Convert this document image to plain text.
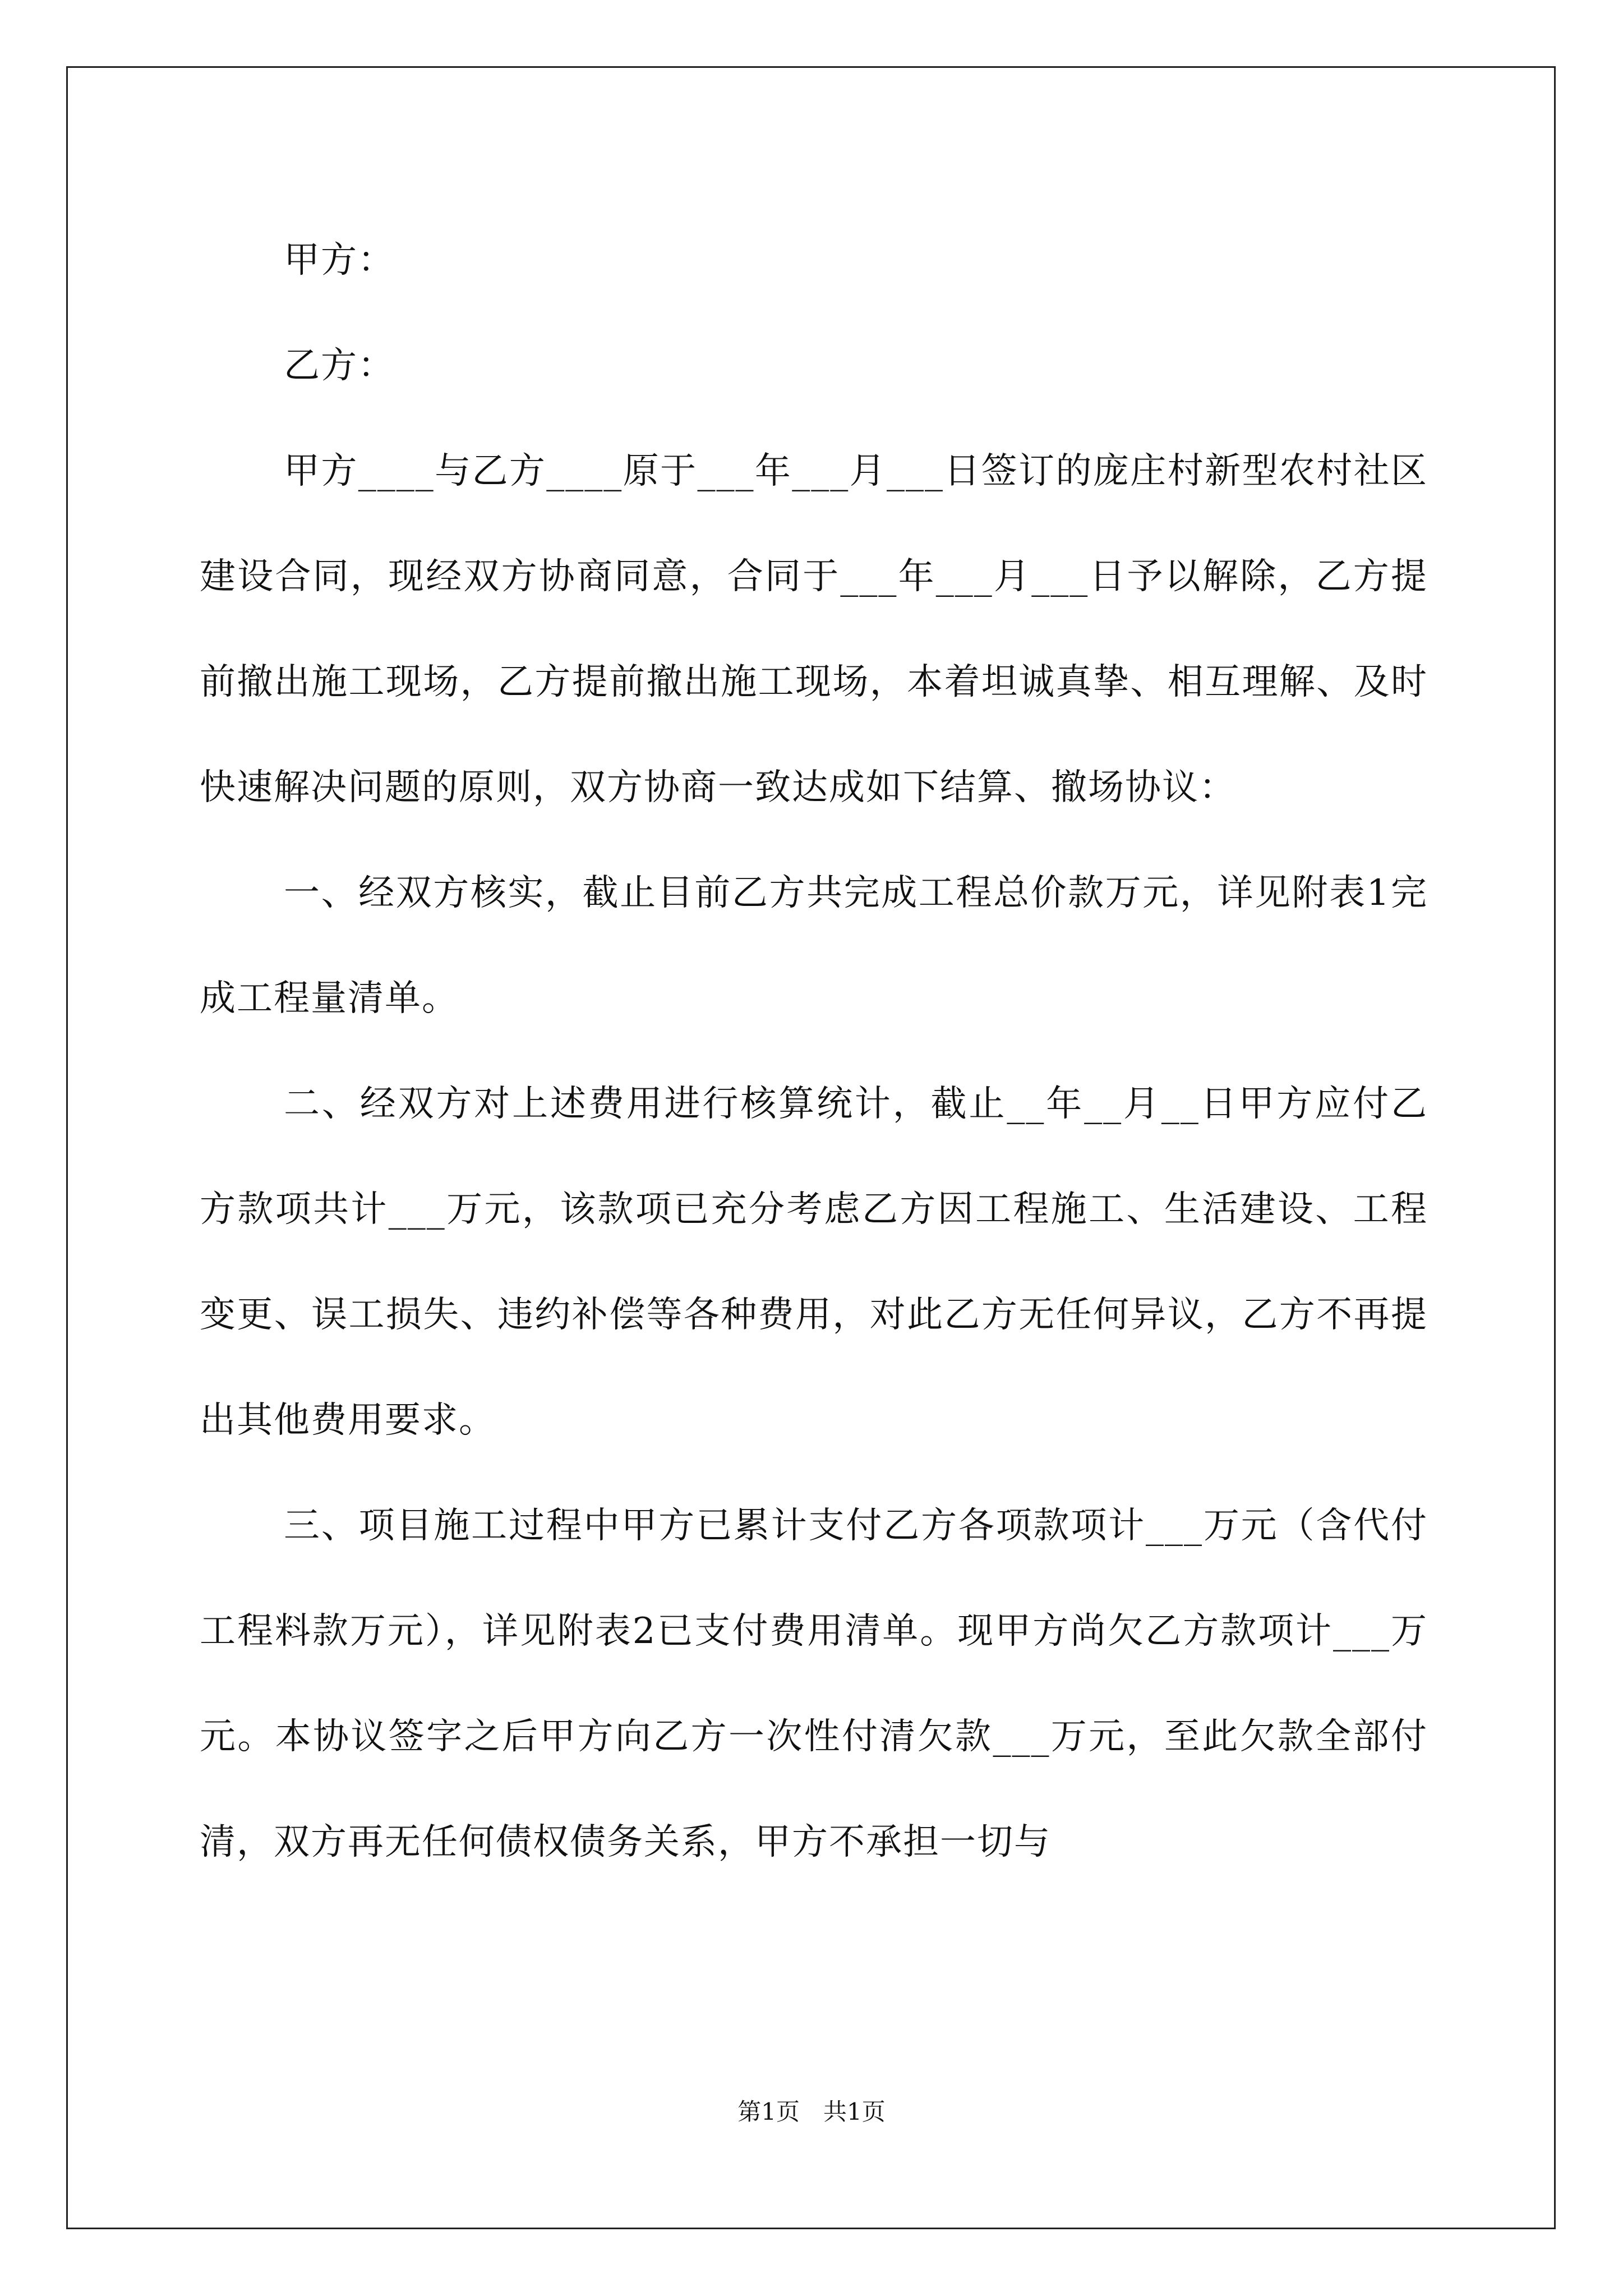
甲方：

乙方：

甲方____与乙方____原于___年___月___日签订的庞庄村新型农村社区建设合同，现经双方协商同意，合同于___年___月___日予以解除，乙方提前撤出施工现场，乙方提前撤出施工现场，本着坦诚真挚、相互理解、及时快速解决问题的原则，双方协商一致达成如下结算、撤场协议：

一、经双方核实，截止目前乙方共完成工程总价款万元，详见附表1完成工程量清单。

二、经双方对上述费用进行核算统计，截止__年__月__日甲方应付乙方款项共计___万元，该款项已充分考虑乙方因工程施工、生活建设、工程变更、误工损失、违约补偿等各种费用，对此乙方无任何异议，乙方不再提出其他费用要求。

三、项目施工过程中甲方已累计支付乙方各项款项计___万元（含代付工程料款万元），详见附表2已支付费用清单。现甲方尚欠乙方款项计___万元。本协议签字之后甲方向乙方一次性付清欠款___万元，至此欠款全部付清，双方再无任何债权债务关系，甲方不承担一切与

第1页　共1页
